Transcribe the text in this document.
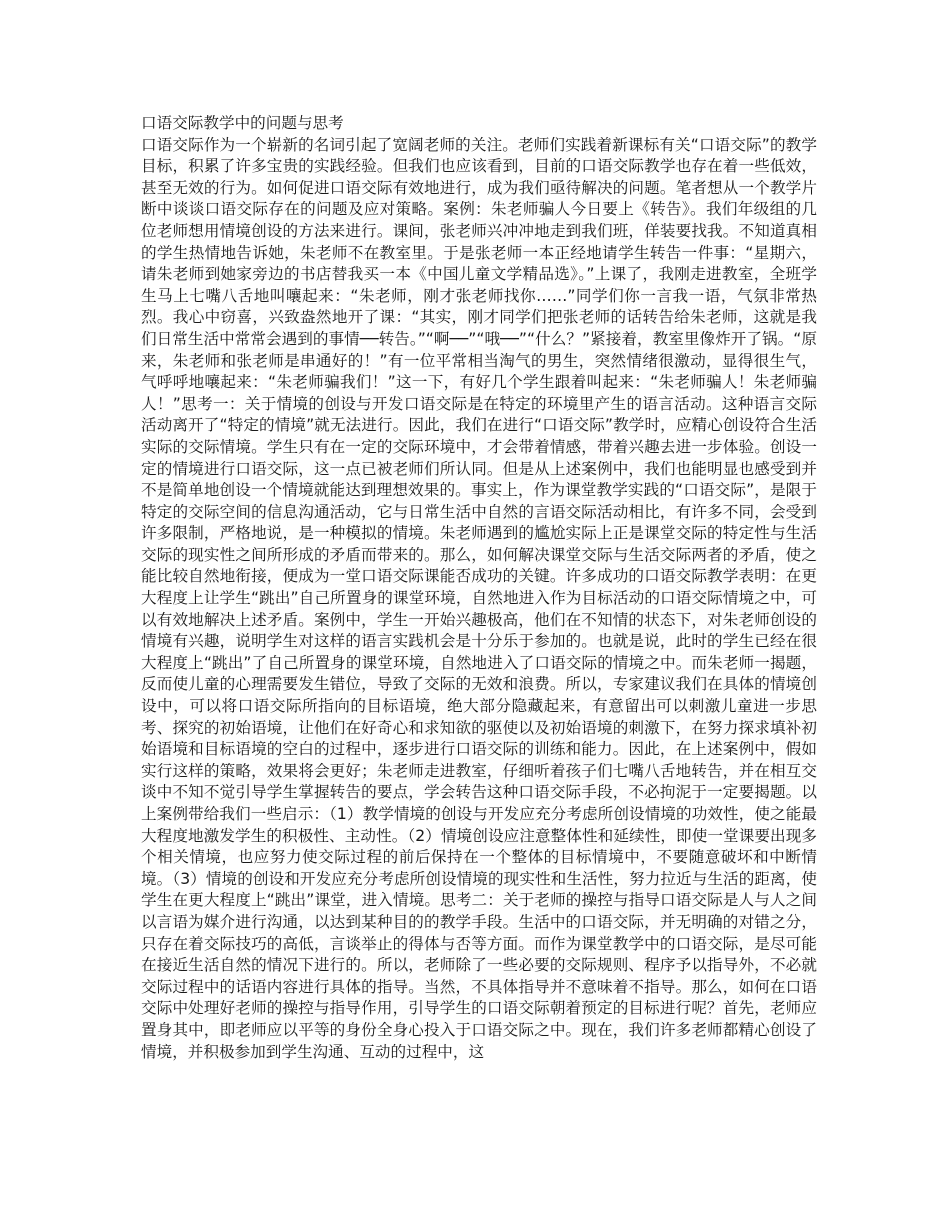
口语交际教学中的问题与思考

口语交际作为一个崭新的名词引起了宽阔老师的关注。老师们实践着新课标有关“口语交际”的教学目标，积累了许多宝贵的实践经验。但我们也应该看到，目前的口语交际教学也存在着一些低效，甚至无效的行为。如何促进口语交际有效地进行，成为我们亟待解决的问题。笔者想从一个教学片断中谈谈口语交际存在的问题及应对策略。案例：朱老师骗人今日要上《转告》。我们年级组的几位老师想用情境创设的方法来进行。课间，张老师兴冲冲地走到我们班，佯装要找我。不知道真相的学生热情地告诉她，朱老师不在教室里。于是张老师一本正经地请学生转告一件事：“星期六，请朱老师到她家旁边的书店替我买一本《中国儿童文学精品选》。”上课了，我刚走进教室，全班学生马上七嘴八舌地叫嚷起来：“朱老师，刚才张老师找你……”同学们你一言我一语，气氛非常热烈。我心中窃喜，兴致盎然地开了课：“其实，刚才同学们把张老师的话转告给朱老师，这就是我们日常生活中常常会遇到的事情──转告。”“啊──”“哦──”“什么？”紧接着，教室里像炸开了锅。“原来，朱老师和张老师是串通好的！”有一位平常相当淘气的男生，突然情绪很激动，显得很生气，气呼呼地嚷起来：“朱老师骗我们！”这一下，有好几个学生跟着叫起来：“朱老师骗人！朱老师骗人！”思考一：关于情境的创设与开发口语交际是在特定的环境里产生的语言活动。这种语言交际活动离开了“特定的情境”就无法进行。因此，我们在进行“口语交际”教学时，应精心创设符合生活实际的交际情境。学生只有在一定的交际环境中，才会带着情感，带着兴趣去进一步体验。创设一定的情境进行口语交际，这一点已被老师们所认同。但是从上述案例中，我们也能明显也感受到并不是简单地创设一个情境就能达到理想效果的。事实上，作为课堂教学实践的“口语交际”，是限于特定的交际空间的信息沟通活动，它与日常生活中自然的言语交际活动相比，有许多不同，会受到许多限制，严格地说，是一种模拟的情境。朱老师遇到的尴尬实际上正是课堂交际的特定性与生活交际的现实性之间所形成的矛盾而带来的。那么，如何解决课堂交际与生活交际两者的矛盾，使之能比较自然地衔接，便成为一堂口语交际课能否成功的关键。许多成功的口语交际教学表明：在更大程度上让学生“跳出”自己所置身的课堂环境，自然地进入作为目标活动的口语交际情境之中，可以有效地解决上述矛盾。案例中，学生一开始兴趣极高，他们在不知情的状态下，对朱老师创设的情境有兴趣，说明学生对这样的语言实践机会是十分乐于参加的。也就是说，此时的学生已经在很大程度上“跳出”了自己所置身的课堂环境，自然地进入了口语交际的情境之中。而朱老师一揭题，反而使儿童的心理需要发生错位，导致了交际的无效和浪费。所以，专家建议我们在具体的情境创设中，可以将口语交际所指向的目标语境，绝大部分隐藏起来，有意留出可以刺激儿童进一步思考、探究的初始语境，让他们在好奇心和求知欲的驱使以及初始语境的刺激下，在努力探求填补初始语境和目标语境的空白的过程中，逐步进行口语交际的训练和能力。因此，在上述案例中，假如实行这样的策略，效果将会更好；朱老师走进教室，仔细听着孩子们七嘴八舌地转告，并在相互交谈中不知不觉引导学生掌握转告的要点，学会转告这种口语交际手段，不必拘泥于一定要揭题。以上案例带给我们一些启示：（1）教学情境的创设与开发应充分考虑所创设情境的功效性，使之能最大程度地激发学生的积极性、主动性。（2）情境创设应注意整体性和延续性，即使一堂课要出现多个相关情境，也应努力使交际过程的前后保持在一个整体的目标情境中，不要随意破坏和中断情境。（3）情境的创设和开发应充分考虑所创设情境的现实性和生活性，努力拉近与生活的距离，使学生在更大程度上“跳出”课堂，进入情境。思考二：关于老师的操控与指导口语交际是人与人之间以言语为媒介进行沟通，以达到某种目的的教学手段。生活中的口语交际，并无明确的对错之分，只存在着交际技巧的高低，言谈举止的得体与否等方面。而作为课堂教学中的口语交际，是尽可能在接近生活自然的情况下进行的。所以，老师除了一些必要的交际规则、程序予以指导外，不必就交际过程中的话语内容进行具体的指导。当然，不具体指导并不意味着不指导。那么，如何在口语交际中处理好老师的操控与指导作用，引导学生的口语交际朝着预定的目标进行呢？首先，老师应置身其中，即老师应以平等的身份全身心投入于口语交际之中。现在，我们许多老师都精心创设了情境，并积极参加到学生沟通、互动的过程中，这
